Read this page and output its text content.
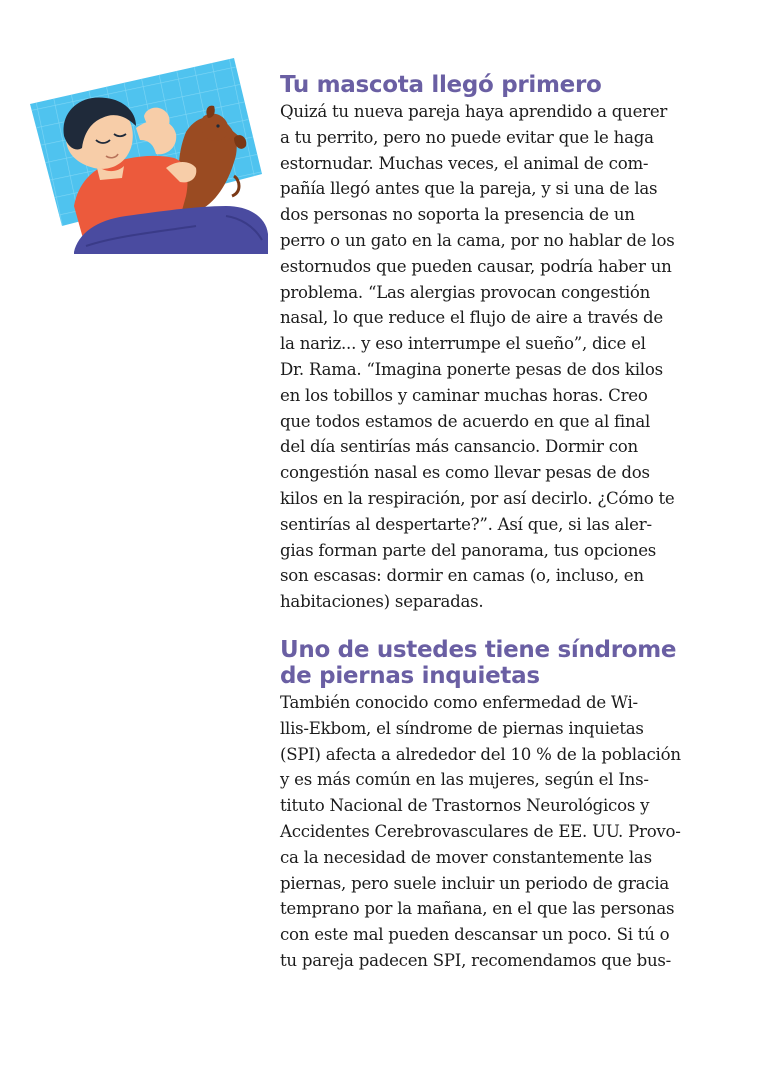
Tu mascota llegó primero
Quizá tu nueva pareja haya aprendido a querer
a tu perrito, pero no puede evitar que le haga
estornudar. Muchas veces, el animal de com-
pañía llegó antes que la pareja, y si una de las
dos personas no soporta la presencia de un
perro o un gato en la cama, por no hablar de los
estornudos que pueden causar, podría haber un
problema. “Las alergias provocan congestión
nasal, lo que reduce el flujo de aire a través de
la nariz... y eso interrumpe el sueño”, dice el
Dr. Rama. “Imagina ponerte pesas de dos kilos
en los tobillos y caminar muchas horas. Creo
que todos estamos de acuerdo en que al final
del día sentirías más cansancio. Dormir con
congestión nasal es como llevar pesas de dos
kilos en la respiración, por así decirlo. ¿Cómo te
sentirías al despertarte?”. Así que, si las aler-
gias forman parte del panorama, tus opciones
son escasas: dormir en camas (o, incluso, en
habitaciones) separadas.
Uno de ustedes tiene síndrome
de piernas inquietas
También conocido como enfermedad de Wi-
llis-Ekbom, el síndrome de piernas inquietas
(SPI) afecta a alrededor del 10 % de la población
y es más común en las mujeres, según el Ins-
tituto Nacional de Trastornos Neurológicos y
Accidentes Cerebrovasculares de EE. UU. Provo-
ca la necesidad de mover constantemente las
piernas, pero suele incluir un periodo de gracia
temprano por la mañana, en el que las personas
con este mal pueden descansar un poco. Si tú o
tu pareja padecen SPI, recomendamos que bus-
